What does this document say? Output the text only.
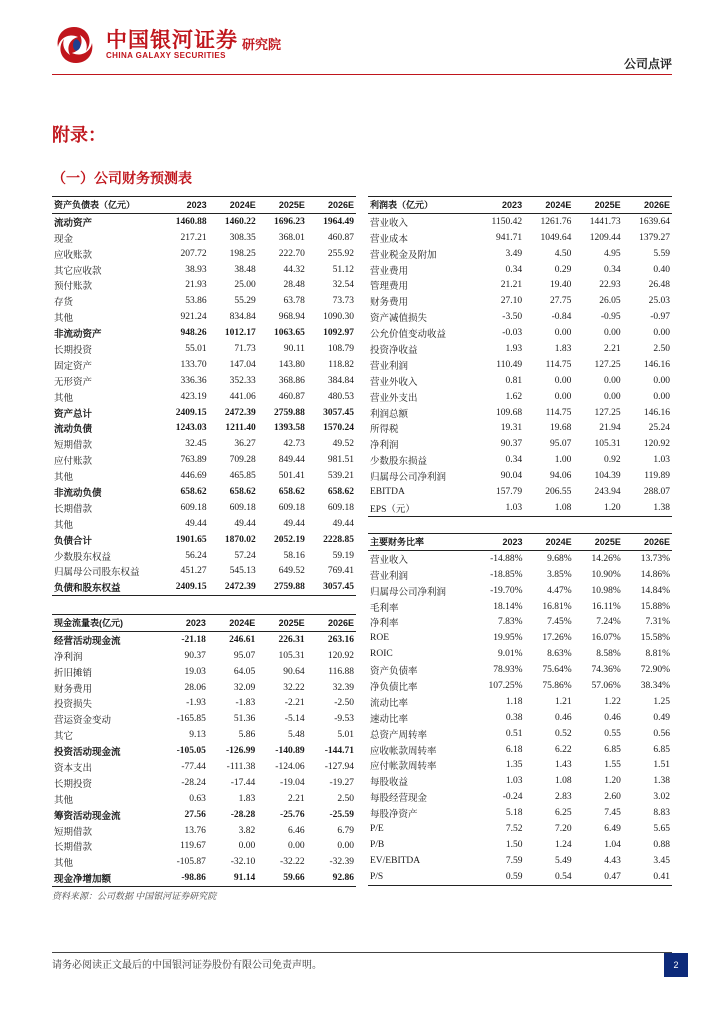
中国银河证券 研究院
CHINA GALAXY SECURITIES
公司点评
附录：
（一）公司财务预测表
资产负债表（亿元）	2023	2024E	2025E	2026E
流动资产	1460.88	1460.22	1696.23	1964.49
现金	217.21	308.35	368.01	460.87
应收账款	207.72	198.25	222.70	255.92
其它应收款	38.93	38.48	44.32	51.12
预付账款	21.93	25.00	28.48	32.54
存货	53.86	55.29	63.78	73.73
其他	921.24	834.84	968.94	1090.30
非流动资产	948.26	1012.17	1063.65	1092.97
长期投资	55.01	71.73	90.11	108.79
固定资产	133.70	147.04	143.80	118.82
无形资产	336.36	352.33	368.86	384.84
其他	423.19	441.06	460.87	480.53
资产总计	2409.15	2472.39	2759.88	3057.45
流动负债	1243.03	1211.40	1393.58	1570.24
短期借款	32.45	36.27	42.73	49.52
应付账款	763.89	709.28	849.44	981.51
其他	446.69	465.85	501.41	539.21
非流动负债	658.62	658.62	658.62	658.62
长期借款	609.18	609.18	609.18	609.18
其他	49.44	49.44	49.44	49.44
负债合计	1901.65	1870.02	2052.19	2228.85
少数股东权益	56.24	57.24	58.16	59.19
归属母公司股东权益	451.27	545.13	649.52	769.41
负债和股东权益	2409.15	2472.39	2759.88	3057.45
现金流量表(亿元)	2023	2024E	2025E	2026E
经营活动现金流	-21.18	246.61	226.31	263.16
净利润	90.37	95.07	105.31	120.92
折旧摊销	19.03	64.05	90.64	116.88
财务费用	28.06	32.09	32.22	32.39
投资损失	-1.93	-1.83	-2.21	-2.50
营运资金变动	-165.85	51.36	-5.14	-9.53
其它	9.13	5.86	5.48	5.01
投资活动现金流	-105.05	-126.99	-140.89	-144.71
资本支出	-77.44	-111.38	-124.06	-127.94
长期投资	-28.24	-17.44	-19.04	-19.27
其他	0.63	1.83	2.21	2.50
筹资活动现金流	27.56	-28.28	-25.76	-25.59
短期借款	13.76	3.82	6.46	6.79
长期借款	119.67	0.00	0.00	0.00
其他	-105.87	-32.10	-32.22	-32.39
现金净增加额	-98.86	91.14	59.66	92.86
利润表（亿元）	2023	2024E	2025E	2026E
营业收入	1150.42	1261.76	1441.73	1639.64
营业成本	941.71	1049.64	1209.44	1379.27
营业税金及附加	3.49	4.50	4.95	5.59
营业费用	0.34	0.29	0.34	0.40
管理费用	21.21	19.40	22.93	26.48
财务费用	27.10	27.75	26.05	25.03
资产减值损失	-3.50	-0.84	-0.95	-0.97
公允价值变动收益	-0.03	0.00	0.00	0.00
投资净收益	1.93	1.83	2.21	2.50
营业利润	110.49	114.75	127.25	146.16
营业外收入	0.81	0.00	0.00	0.00
营业外支出	1.62	0.00	0.00	0.00
利润总额	109.68	114.75	127.25	146.16
所得税	19.31	19.68	21.94	25.24
净利润	90.37	95.07	105.31	120.92
少数股东损益	0.34	1.00	0.92	1.03
归属母公司净利润	90.04	94.06	104.39	119.89
EBITDA	157.79	206.55	243.94	288.07
EPS（元）	1.03	1.08	1.20	1.38
主要财务比率	2023	2024E	2025E	2026E
营业收入	-14.88%	9.68%	14.26%	13.73%
营业利润	-18.85%	3.85%	10.90%	14.86%
归属母公司净利润	-19.70%	4.47%	10.98%	14.84%
毛利率	18.14%	16.81%	16.11%	15.88%
净利率	7.83%	7.45%	7.24%	7.31%
ROE	19.95%	17.26%	16.07%	15.58%
ROIC	9.01%	8.63%	8.58%	8.81%
资产负债率	78.93%	75.64%	74.36%	72.90%
净负债比率	107.25%	75.86%	57.06%	38.34%
流动比率	1.18	1.21	1.22	1.25
速动比率	0.38	0.46	0.46	0.49
总资产周转率	0.51	0.52	0.55	0.56
应收帐款周转率	6.18	6.22	6.85	6.85
应付帐款周转率	1.35	1.43	1.55	1.51
每股收益	1.03	1.08	1.20	1.38
每股经营现金	-0.24	2.83	2.60	3.02
每股净资产	5.18	6.25	7.45	8.83
P/E	7.52	7.20	6.49	5.65
P/B	1.50	1.24	1.04	0.88
EV/EBITDA	7.59	5.49	4.43	3.45
P/S	0.59	0.54	0.47	0.41
资料来源：公司数据 中国银河证券研究院
请务必阅读正文最后的中国银河证券股份有限公司免责声明。	2
